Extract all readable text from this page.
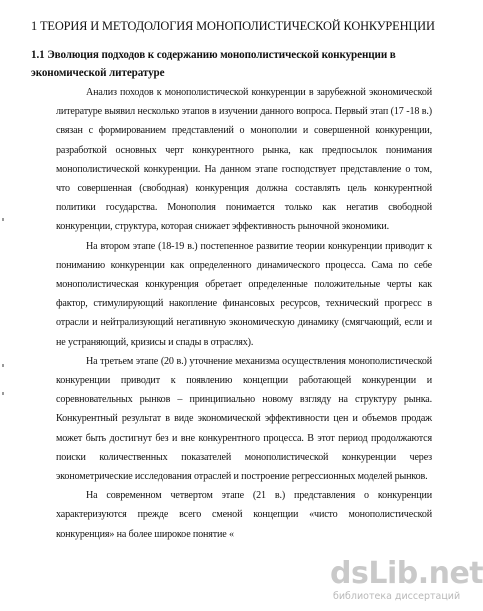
1 ТЕОРИЯ И МЕТОДОЛОГИЯ МОНОПОЛИСТИЧЕСКОЙ КОНКУРЕНЦИИ
1.1 Эволюция подходов к содержанию монополистической конкуренции в экономической литературе

Анализ походов к монополистической конкуренции в зарубежной экономической литературе выявил несколько этапов в изучении данного вопроса. Первый этап (17 -18 в.) связан с формированием представлений о монополии и совершенной конкуренции, разработкой основных черт конкурентного рынка, как предпосылок понимания монополистической конкуренции. На данном этапе господствует представление о том, что совершенная (свободная) конкуренция должна составлять цель конкурентной политики государства. Монополия понимается только как негатив свободной конкуренции, структура, которая снижает эффективность рыночной экономики.

На втором этапе (18-19 в.) постепенное развитие теории конкуренции приводит к пониманию конкуренции как определенного динамического процесса. Сама по себе монополистическая конкуренция обретает определенные положительные черты как фактор, стимулирующий накопление финансовых ресурсов, технический прогресс в отрасли и нейтрализующий негативную экономическую динамику (смягчающий, если и не устраняющий, кризисы и спады в отраслях).

На третьем этапе (20 в.) уточнение механизма осуществления монополистической конкуренции приводит к появлению концепции работающей конкуренции и соревновательных рынков – принципиально новому взгляду на структуру рынка. Конкурентный результат в виде экономической эффективности цен и объемов продаж может быть достигнут без и вне конкурентного процесса. В этот период продолжаются поиски количественных показателей монополистической конкуренции через эконометрические исследования отраслей и построение регрессионных моделей рынков.

На современном четвертом этапе (21 в.) представления о конкуренции характеризуются прежде всего сменой концепции «чисто монополистической конкуренция» на более широкое понятие «

dsLib.net
библиотека диссертаций
